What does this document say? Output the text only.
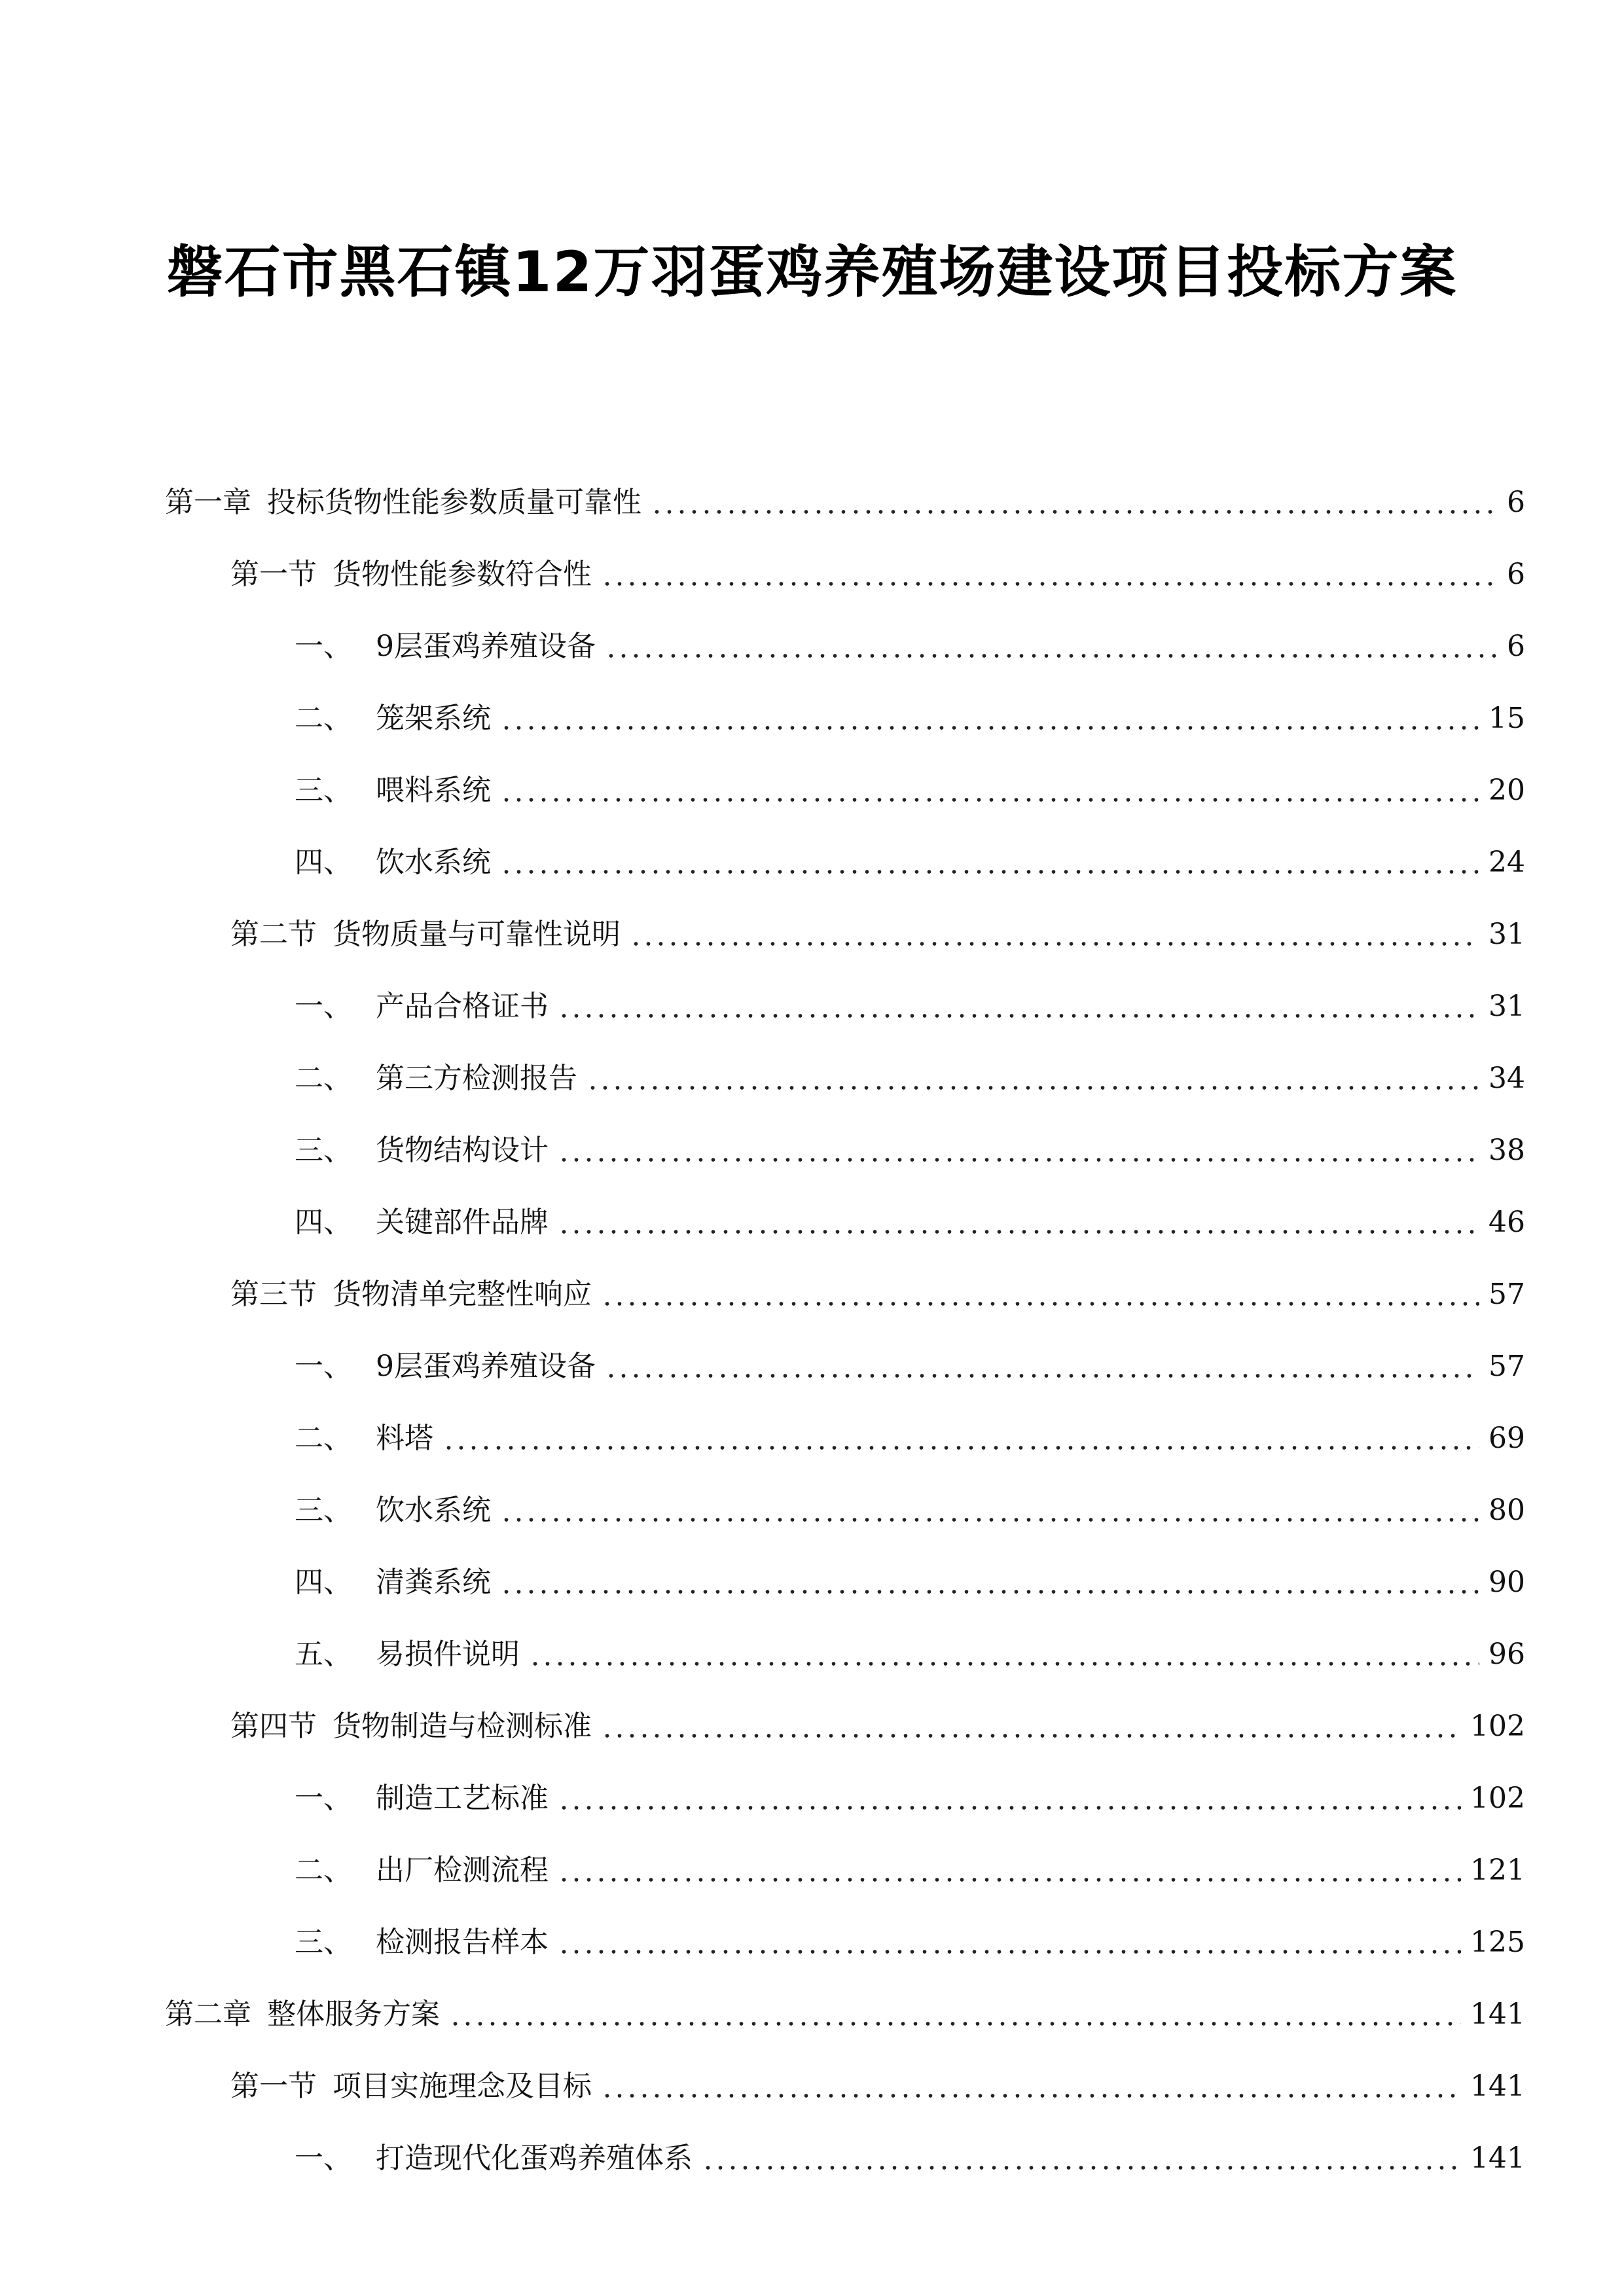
磐石市黑石镇12万羽蛋鸡养殖场建设项目投标方案
第一章 投标货物性能参数质量可靠性	6
第一节 货物性能参数符合性	6
一、 9层蛋鸡养殖设备	6
二、 笼架系统	15
三、 喂料系统	20
四、 饮水系统	24
第二节 货物质量与可靠性说明	31
一、 产品合格证书	31
二、 第三方检测报告	34
三、 货物结构设计	38
四、 关键部件品牌	46
第三节 货物清单完整性响应	57
一、 9层蛋鸡养殖设备	57
二、 料塔	69
三、 饮水系统	80
四、 清粪系统	90
五、 易损件说明	96
第四节 货物制造与检测标准	102
一、 制造工艺标准	102
二、 出厂检测流程	121
三、 检测报告样本	125
第二章 整体服务方案	141
第一节 项目实施理念及目标	141
一、 打造现代化蛋鸡养殖体系	141
